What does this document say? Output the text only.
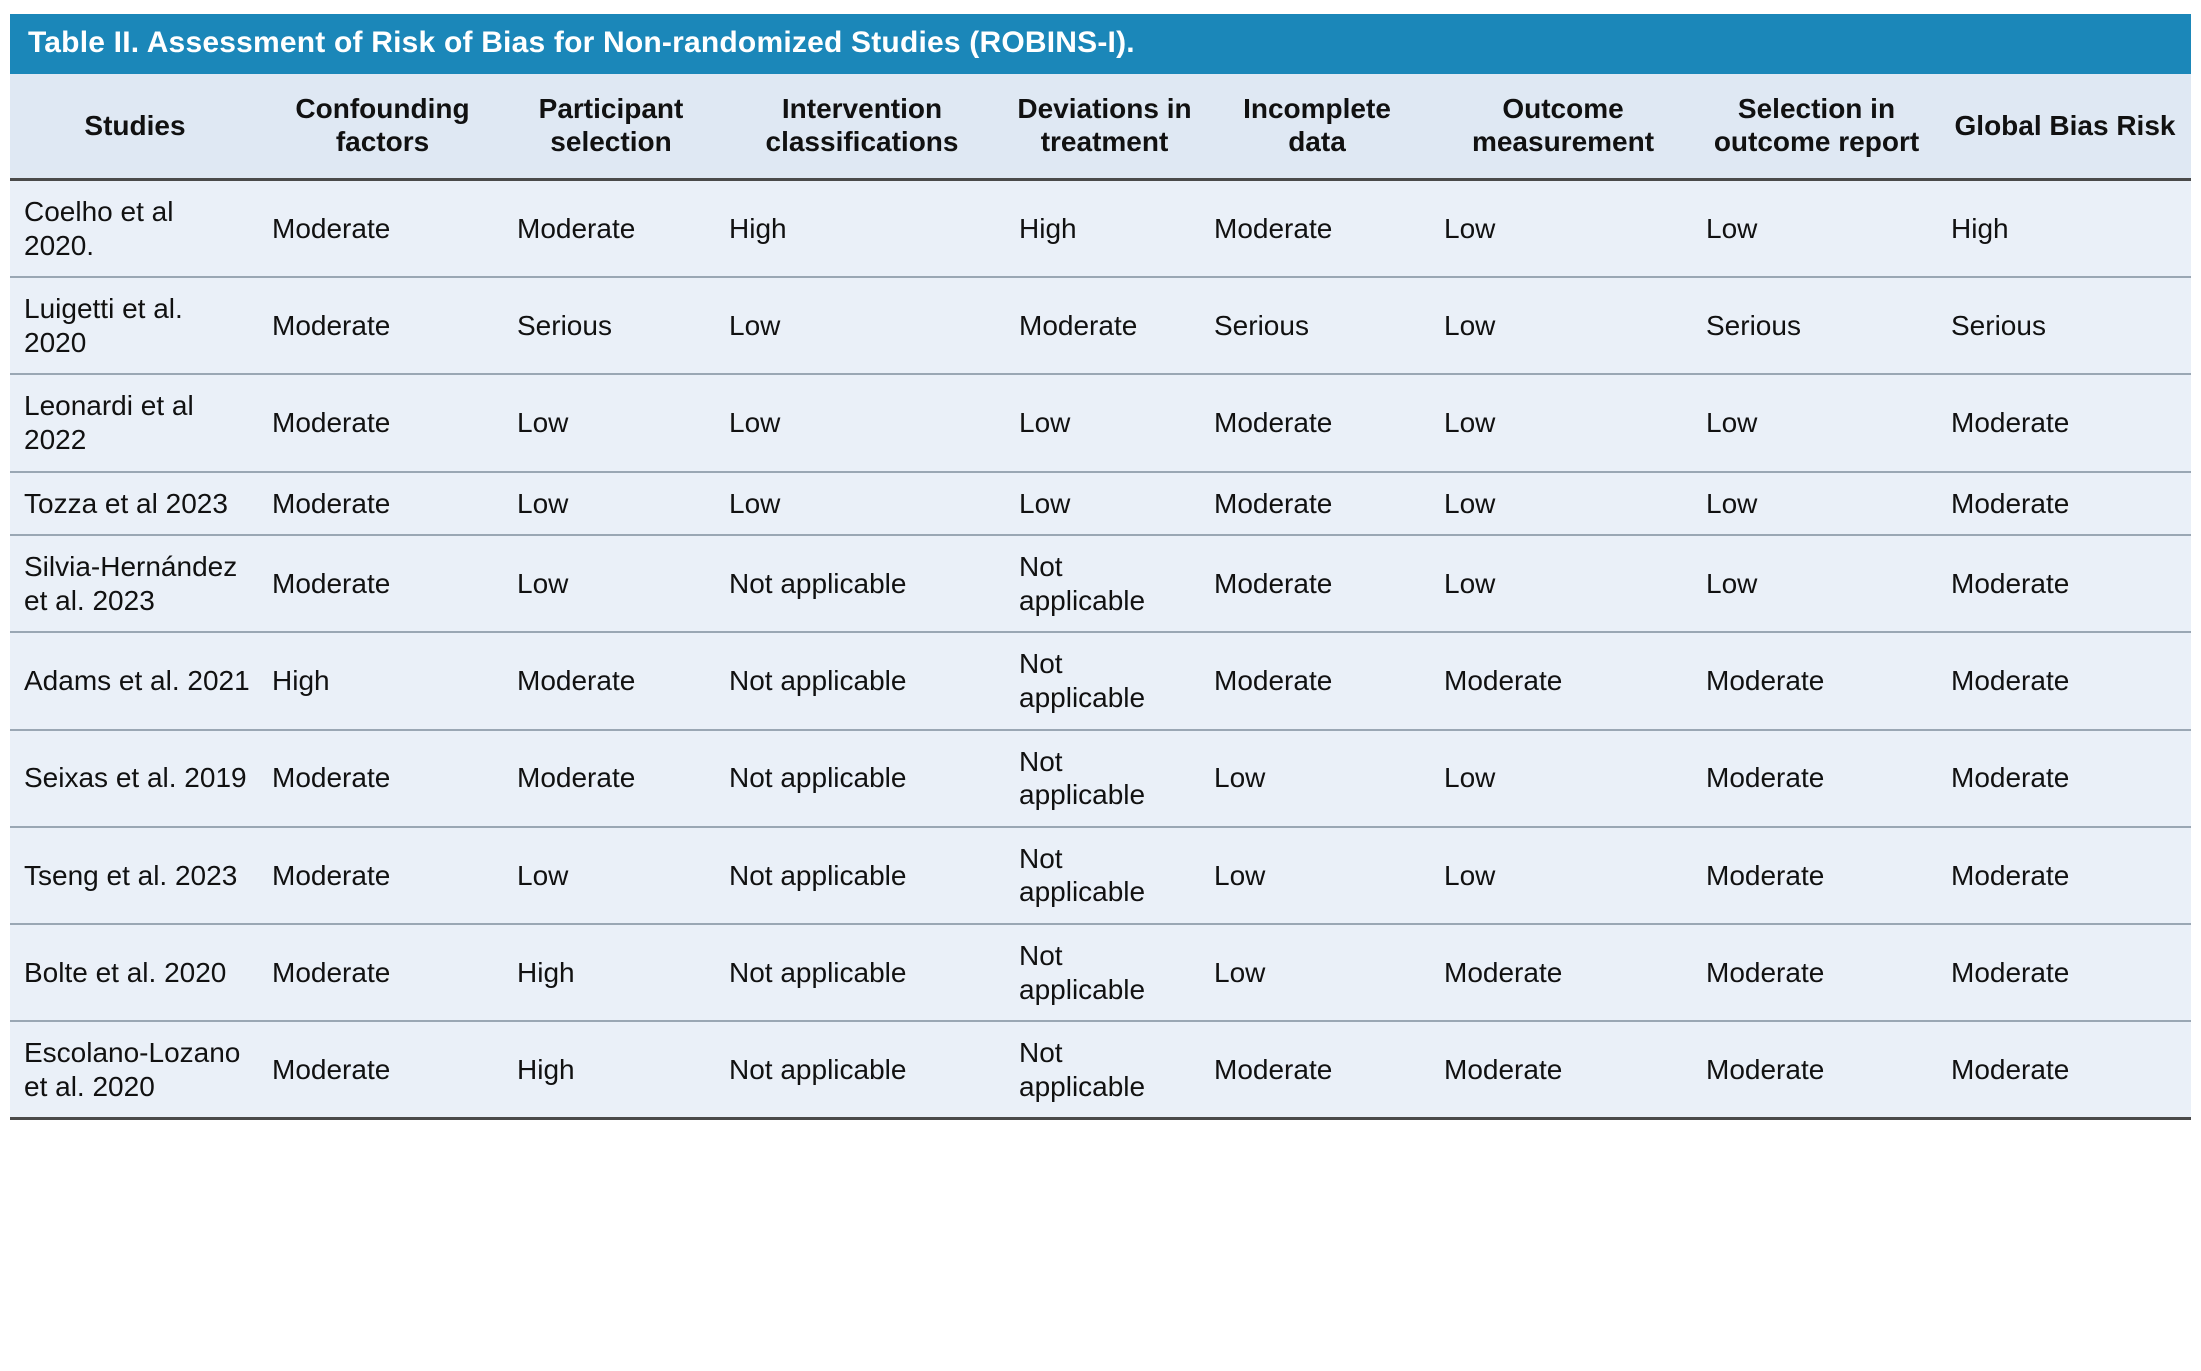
Table II. Assessment of Risk of Bias for Non-randomized Studies (ROBINS-I).
Studies	Confounding factors	Participant selection	Intervention classifications	Deviations in treatment	Incomplete data	Outcome measurement	Selection in outcome report	Global Bias Risk
Coelho et al 2020.	Moderate	Moderate	High	High	Moderate	Low	Low	High
Luigetti et al. 2020	Moderate	Serious	Low	Moderate	Serious	Low	Serious	Serious
Leonardi et al 2022	Moderate	Low	Low	Low	Moderate	Low	Low	Moderate
Tozza et al 2023	Moderate	Low	Low	Low	Moderate	Low	Low	Moderate
Silvia-Hernández et al. 2023	Moderate	Low	Not applicable	Not applicable	Moderate	Low	Low	Moderate
Adams et al. 2021	High	Moderate	Not applicable	Not applicable	Moderate	Moderate	Moderate	Moderate
Seixas et al. 2019	Moderate	Moderate	Not applicable	Not applicable	Low	Low	Moderate	Moderate
Tseng et al. 2023	Moderate	Low	Not applicable	Not applicable	Low	Low	Moderate	Moderate
Bolte et al. 2020	Moderate	High	Not applicable	Not applicable	Low	Moderate	Moderate	Moderate
Escolano-Lozano et al. 2020	Moderate	High	Not applicable	Not applicable	Moderate	Moderate	Moderate	Moderate
